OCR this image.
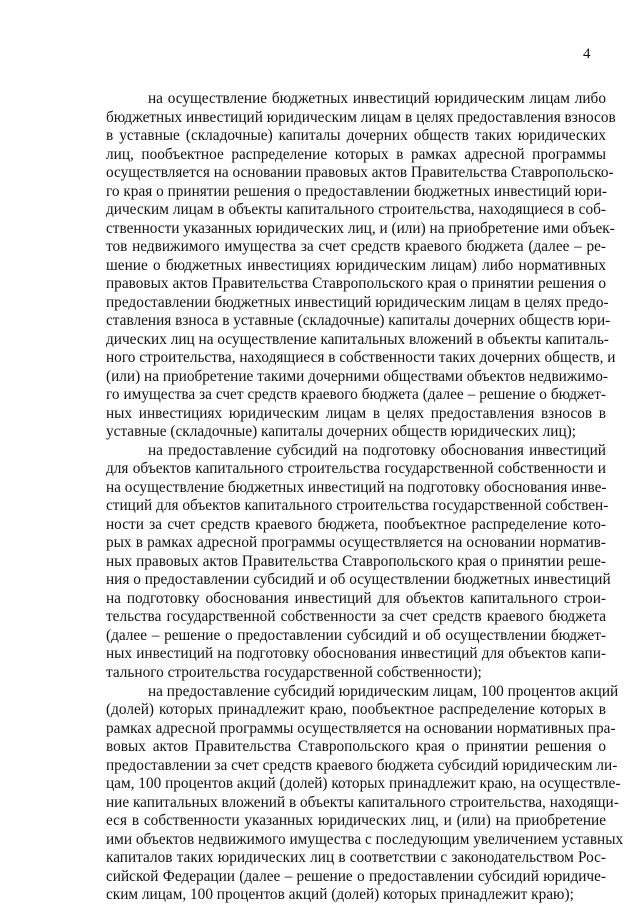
4
на осуществление бюджетных инвестиций юридическим лицам либо
бюджетных инвестиций юридическим лицам в целях предоставления взносов
в уставные (складочные) капиталы дочерних обществ таких юридических
лиц, пообъектное распределение которых в рамках адресной программы
осуществляется на основании правовых актов Правительства Ставропольско-
го края о принятии решения о предоставлении бюджетных инвестиций юри-
дическим лицам в объекты капитального строительства, находящиеся в соб-
ственности указанных юридических лиц, и (или) на приобретение ими объек-
тов недвижимого имущества за счет средств краевого бюджета (далее – ре-
шение о бюджетных инвестициях юридическим лицам) либо нормативных
правовых актов Правительства Ставропольского края о принятии решения о
предоставлении бюджетных инвестиций юридическим лицам в целях предо-
ставления взноса в уставные (складочные) капиталы дочерних обществ юри-
дических лиц на осуществление капитальных вложений в объекты капиталь-
ного строительства, находящиеся в собственности таких дочерних обществ, и
(или) на приобретение такими дочерними обществами объектов недвижимо-
го имущества за счет средств краевого бюджета (далее – решение о бюджет-
ных инвестициях юридическим лицам в целях предоставления взносов в
уставные (складочные) капиталы дочерних обществ юридических лиц);
на предоставление субсидий на подготовку обоснования инвестиций
для объектов капитального строительства государственной собственности и
на осуществление бюджетных инвестиций на подготовку обоснования инве-
стиций для объектов капитального строительства государственной собствен-
ности за счет средств краевого бюджета, пообъектное распределение кото-
рых в рамках адресной программы осуществляется на основании норматив-
ных правовых актов Правительства Ставропольского края о принятии реше-
ния о предоставлении субсидий и об осуществлении бюджетных инвестиций
на подготовку обоснования инвестиций для объектов капитального строи-
тельства государственной собственности за счет средств краевого бюджета
(далее – решение о предоставлении субсидий и об осуществлении бюджет-
ных инвестиций на подготовку обоснования инвестиций для объектов капи-
тального строительства государственной собственности);
на предоставление субсидий юридическим лицам, 100 процентов акций
(долей) которых принадлежит краю, пообъектное распределение которых в
рамках адресной программы осуществляется на основании нормативных пра-
вовых актов Правительства Ставропольского края о принятии решения о
предоставлении за счет средств краевого бюджета субсидий юридическим ли-
цам, 100 процентов акций (долей) которых принадлежит краю, на осуществле-
ние капитальных вложений в объекты капитального строительства, находящи-
еся в собственности указанных юридических лиц, и (или) на приобретение
ими объектов недвижимого имущества с последующим увеличением уставных
капиталов таких юридических лиц в соответствии с законодательством Рос-
сийской Федерации (далее – решение о предоставлении субсидий юридиче-
ским лицам, 100 процентов акций (долей) которых принадлежит краю);
